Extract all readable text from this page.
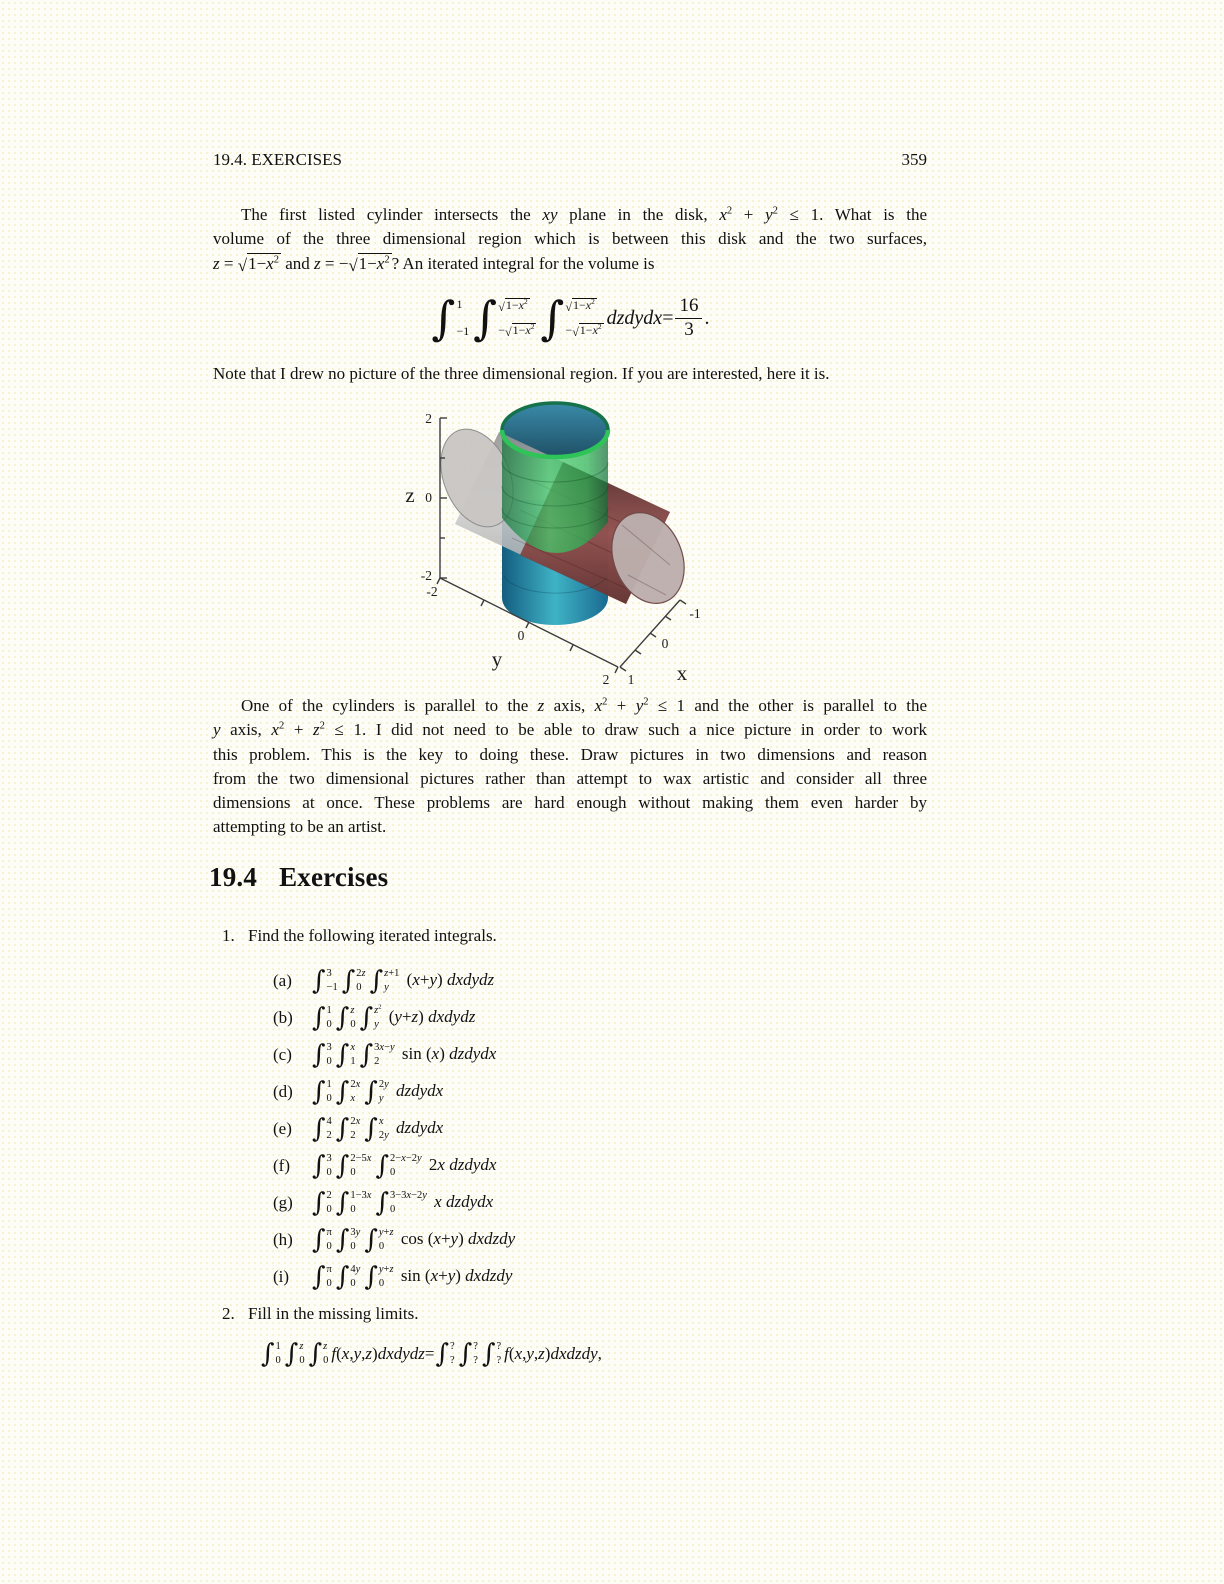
19.4. EXERCISES	359
The first listed cylinder intersects the xy plane in the disk, $x^2 + y^2 \le 1$. What is the
volume of the three dimensional region which is between this disk and the two surfaces,
z = √ $1-x^2$ and z = − √ $1-x^2$ ? An iterated integral for the volume is
∫ 1
−1 ∫ √ $1-x^2$
− √ $1-x^2$ ∫ √ $1-x^2$
− √ $1-x^2$ dz dy dx = $\frac{16}{3}$ .
Note that I drew no picture of the three dimensional region. If you are interested, here it is.
2
0
-2
z
-2
0
2
y
1
0
-1
x
One of the cylinders is parallel to the z axis, $x^2 + y^2 \le 1$ and the other is parallel to the
y axis, $x^2 + z^2 \le 1$. I did not need to be able to draw such a nice picture in order to work
this problem. This is the key to doing these. Draw pictures in two dimensions and reason
from the two dimensional pictures rather than attempt to wax artistic and consider all three
dimensions at once. These problems are hard enough without making them even harder by
attempting to be an artist.
19.4 Exercises
1. Find the following iterated integrals.
(a) ∫ 3
−1 ∫ 2z
0 ∫ z+1
y (x+y) dxdydz
(b) ∫ 1
0 ∫ z
0 ∫ $z^2$
y (y+z) dxdydz
(c) ∫ 3
0 ∫ x
1 ∫ 3x−y
2	sin (x) dzdydx
(d) ∫ 1
0 ∫ 2x
x ∫ 2y
y dzdydx
(e) ∫ 4
2 ∫ 2x
2 ∫ x
2y dzdydx
(f) ∫ 3
0 ∫ 2−5x
0 ∫ 2−x−2y
0	2x dzdydx
(g) ∫ 2
0 ∫ 1−3x
0 ∫ 3−3x−2y
0	x dzdydx
(h) ∫ π
0 ∫ 3y
0 ∫ y+z
0 cos (x+y) dxdzdy
(i) ∫ π
0 ∫ 4y
0 ∫ y+z
0 sin (x+y) dxdzdy
2. Fill in the missing limits.
∫ 1
0 ∫ z
0 ∫ z
0 f ( x , y , z ) dx dy dz = ∫ ?
? ∫ ?
? ∫ ?
? f ( x , y , z ) dx dz dy ,
